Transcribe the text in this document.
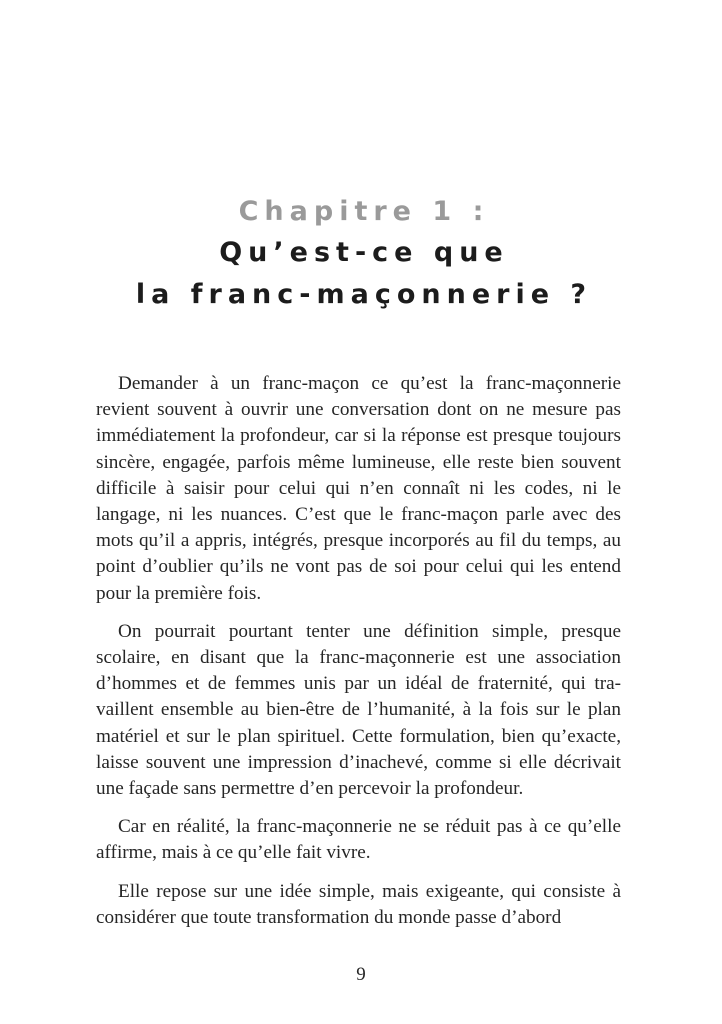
Chapitre 1 :
Qu’est-ce que
la franc-maçonnerie ?

Demander à un franc-maçon ce qu’est la franc-maçonnerie revient souvent à ouvrir une conversation dont on ne mesure pas immédiatement la profondeur, car si la réponse est presque toujours sincère, engagée, parfois même lumineuse, elle reste bien souvent difficile à saisir pour celui qui n’en connaît ni les codes, ni le langage, ni les nuances. C’est que le franc-maçon parle avec des mots qu’il a appris, intégrés, presque incorporés au fil du temps, au point d’oublier qu’ils ne vont pas de soi pour celui qui les entend pour la première fois.

On pourrait pourtant tenter une définition simple, presque scolaire, en disant que la franc-maçonnerie est une association d’hommes et de femmes unis par un idéal de fraternité, qui travaillent ensemble au bien-être de l’humanité, à la fois sur le plan matériel et sur le plan spirituel. Cette formulation, bien qu’exacte, laisse souvent une impression d’inachevé, comme si elle décrivait une façade sans permettre d’en percevoir la profondeur.

Car en réalité, la franc-maçonnerie ne se réduit pas à ce qu’elle affirme, mais à ce qu’elle fait vivre.

Elle repose sur une idée simple, mais exigeante, qui consiste à considérer que toute transformation du monde passe d’abord

9
